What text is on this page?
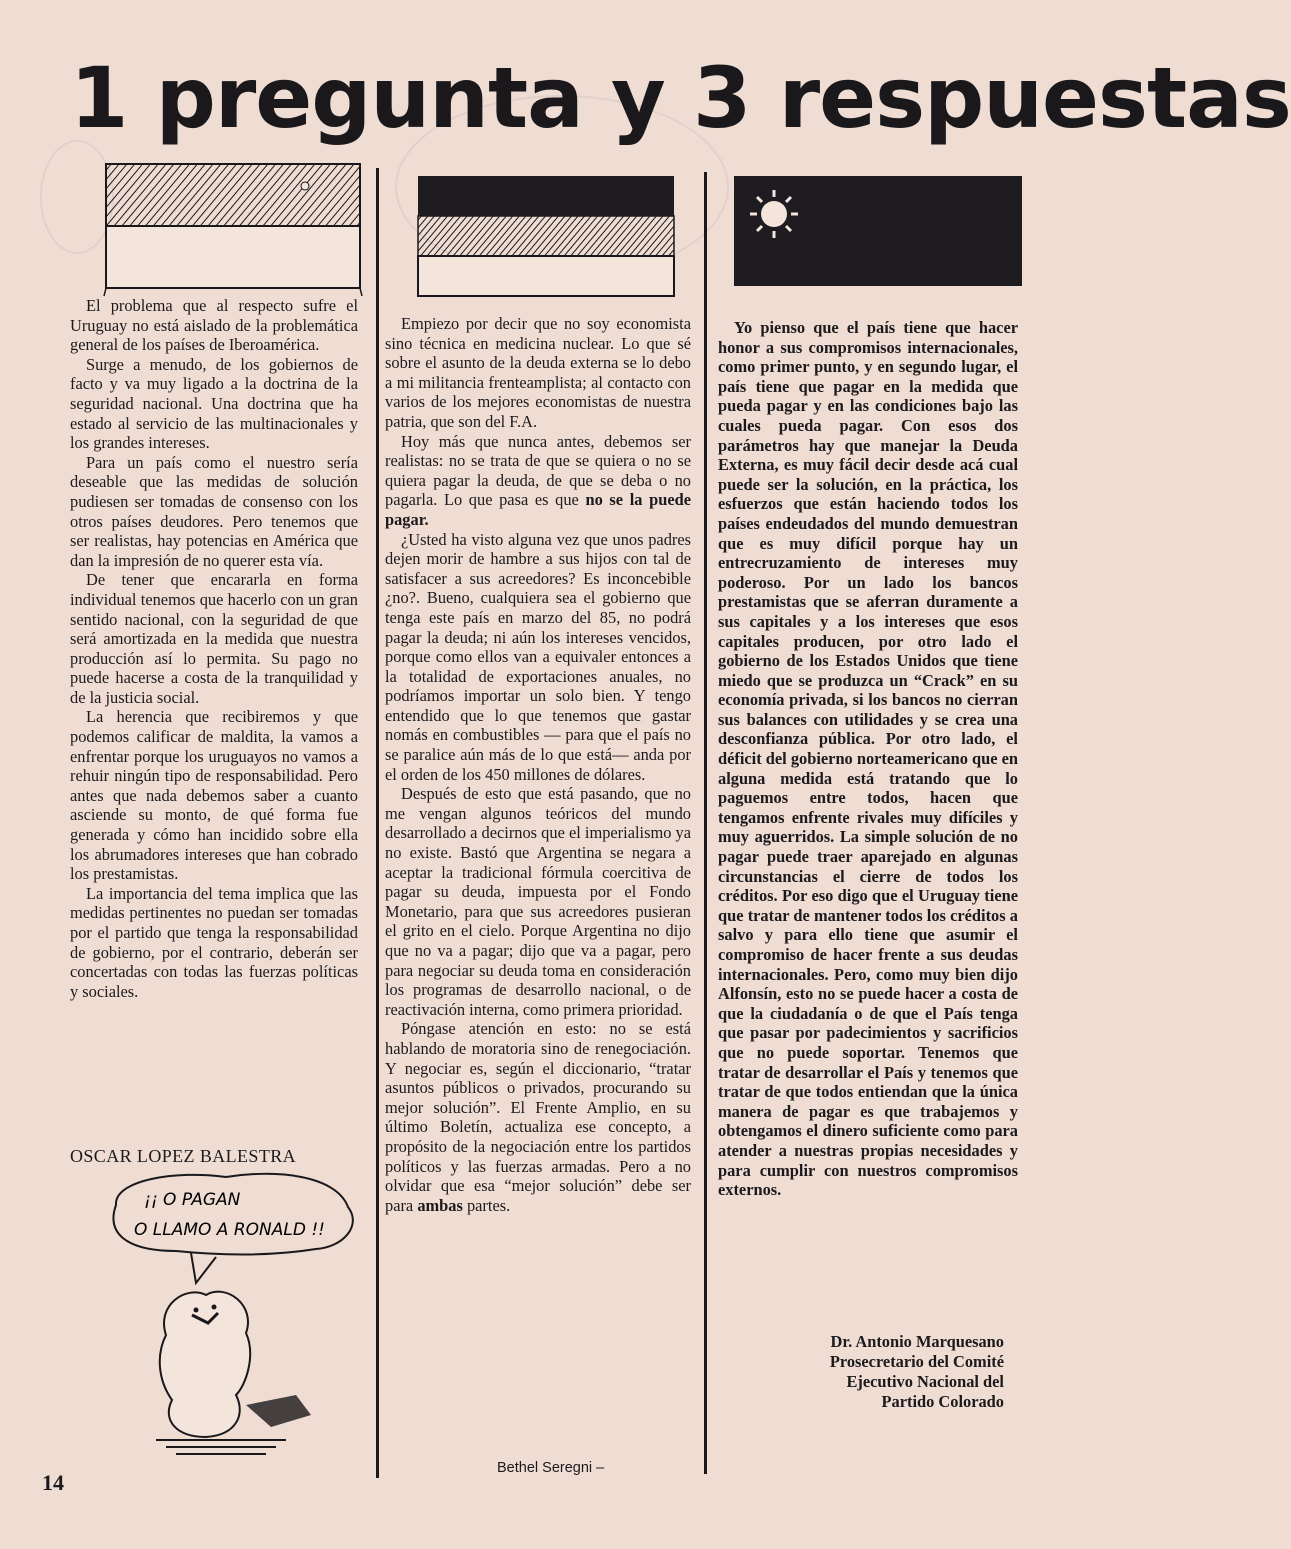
1 pregunta y 3 respuestas

El problema que al respecto sufre el Uruguay no está aislado de la problemática general de los países de Iberoamérica.

Surge a menudo, de los gobiernos de facto y va muy ligado a la doctrina de la seguridad nacional. Una doctrina que ha estado al servicio de las multinacionales y los grandes intereses.

Para un país como el nuestro sería deseable que las medidas de solución pudiesen ser tomadas de consenso con los otros países deudores. Pero tenemos que ser realistas, hay potencias en América que dan la impresión de no querer esta vía.

De tener que encararla en forma individual tenemos que hacerlo con un gran sentido nacional, con la seguridad de que será amortizada en la medida que nuestra producción así lo permita. Su pago no puede hacerse a costa de la tranquilidad y de la justicia social.

La herencia que recibiremos y que podemos calificar de maldita, la vamos a enfrentar porque los uruguayos no vamos a rehuir ningún tipo de responsabilidad. Pero antes que nada debemos saber a cuanto asciende su monto, de qué forma fue generada y cómo han incidido sobre ella los abrumadores intereses que han cobrado los prestamistas.

La importancia del tema implica que las medidas pertinentes no puedan ser tomadas por el partido que tenga la responsabilidad de gobierno, por el contrario, deberán ser concertadas con todas las fuerzas políticas y sociales.

OSCAR LOPEZ BALESTRA
¡¡ O PAGAN
O LLAMO A RONALD !!

Empiezo por decir que no soy economista sino técnica en medicina nuclear. Lo que sé sobre el asunto de la deuda externa se lo debo a mi militancia frenteamplista; al contacto con varios de los mejores economistas de nuestra patria, que son del F.A.

Hoy más que nunca antes, debemos ser realistas: no se trata de que se quiera o no se quiera pagar la deuda, de que se deba o no pagarla. Lo que pasa es que no se la puede pagar.

¿Usted ha visto alguna vez que unos padres dejen morir de hambre a sus hijos con tal de satisfacer a sus acreedores? Es inconcebible ¿no?. Bueno, cualquiera sea el gobierno que tenga este país en marzo del 85, no podrá pagar la deuda; ni aún los intereses vencidos, porque como ellos van a equivaler entonces a la totalidad de exportaciones anuales, no podríamos importar un solo bien. Y tengo entendido que lo que tenemos que gastar nomás en combustibles — para que el país no se paralice aún más de lo que está— anda por el orden de los 450 millones de dólares.

Después de esto que está pasando, que no me vengan algunos teóricos del mundo desarrollado a decirnos que el imperialismo ya no existe. Bastó que Argentina se negara a aceptar la tradicional fórmula coercitiva de pagar su deuda, impuesta por el Fondo Monetario, para que sus acreedores pusieran el grito en el cielo. Porque Argentina no dijo que no va a pagar; dijo que va a pagar, pero para negociar su deuda toma en consideración los programas de desarrollo nacional, o de reactivación interna, como primera prioridad.

Póngase atención en esto: no se está hablando de moratoria sino de renegociación. Y negociar es, según el diccionario, “tratar asuntos públicos o privados, procurando su mejor solución”. El Frente Amplio, en su último Boletín, actualiza ese concepto, a propósito de la negociación entre los partidos políticos y las fuerzas armadas. Pero a no olvidar que esa “mejor solución” debe ser para ambas partes.

Bethel Seregni –

Yo pienso que el país tiene que hacer honor a sus compromisos internacionales, como primer punto, y en segundo lugar, el país tiene que pagar en la medida que pueda pagar y en las condiciones bajo las cuales pueda pagar. Con esos dos parámetros hay que manejar la Deuda Externa, es muy fácil decir desde acá cual puede ser la solución, en la práctica, los esfuerzos que están haciendo todos los países endeudados del mundo demuestran que es muy difícil porque hay un entrecruzamiento de intereses muy poderoso. Por un lado los bancos prestamistas que se aferran duramente a sus capitales y a los intereses que esos capitales producen, por otro lado el gobierno de los Estados Unidos que tiene miedo que se produzca un “Crack” en su economía privada, si los bancos no cierran sus balances con utilidades y se crea una desconfianza pública. Por otro lado, el déficit del gobierno norteamericano que en alguna medida está tratando que lo paguemos entre todos, hacen que tengamos enfrente rivales muy difíciles y muy aguerridos. La simple solución de no pagar puede traer aparejado en algunas circunstancias el cierre de todos los créditos. Por eso digo que el Uruguay tiene que tratar de mantener todos los créditos a salvo y para ello tiene que asumir el compromiso de hacer frente a sus deudas internacionales. Pero, como muy bien dijo Alfonsín, esto no se puede hacer a costa de que la ciudadanía o de que el País tenga que pasar por padecimientos y sacrificios que no puede soportar. Tenemos que tratar de desarrollar el País y tenemos que tratar de que todos entiendan que la única manera de pagar es que trabajemos y obtengamos el dinero suficiente como para atender a nuestras propias necesidades y para cumplir con nuestros compromisos externos.

Dr. Antonio Marquesano
Prosecretario del Comité
Ejecutivo Nacional del
Partido Colorado
14
